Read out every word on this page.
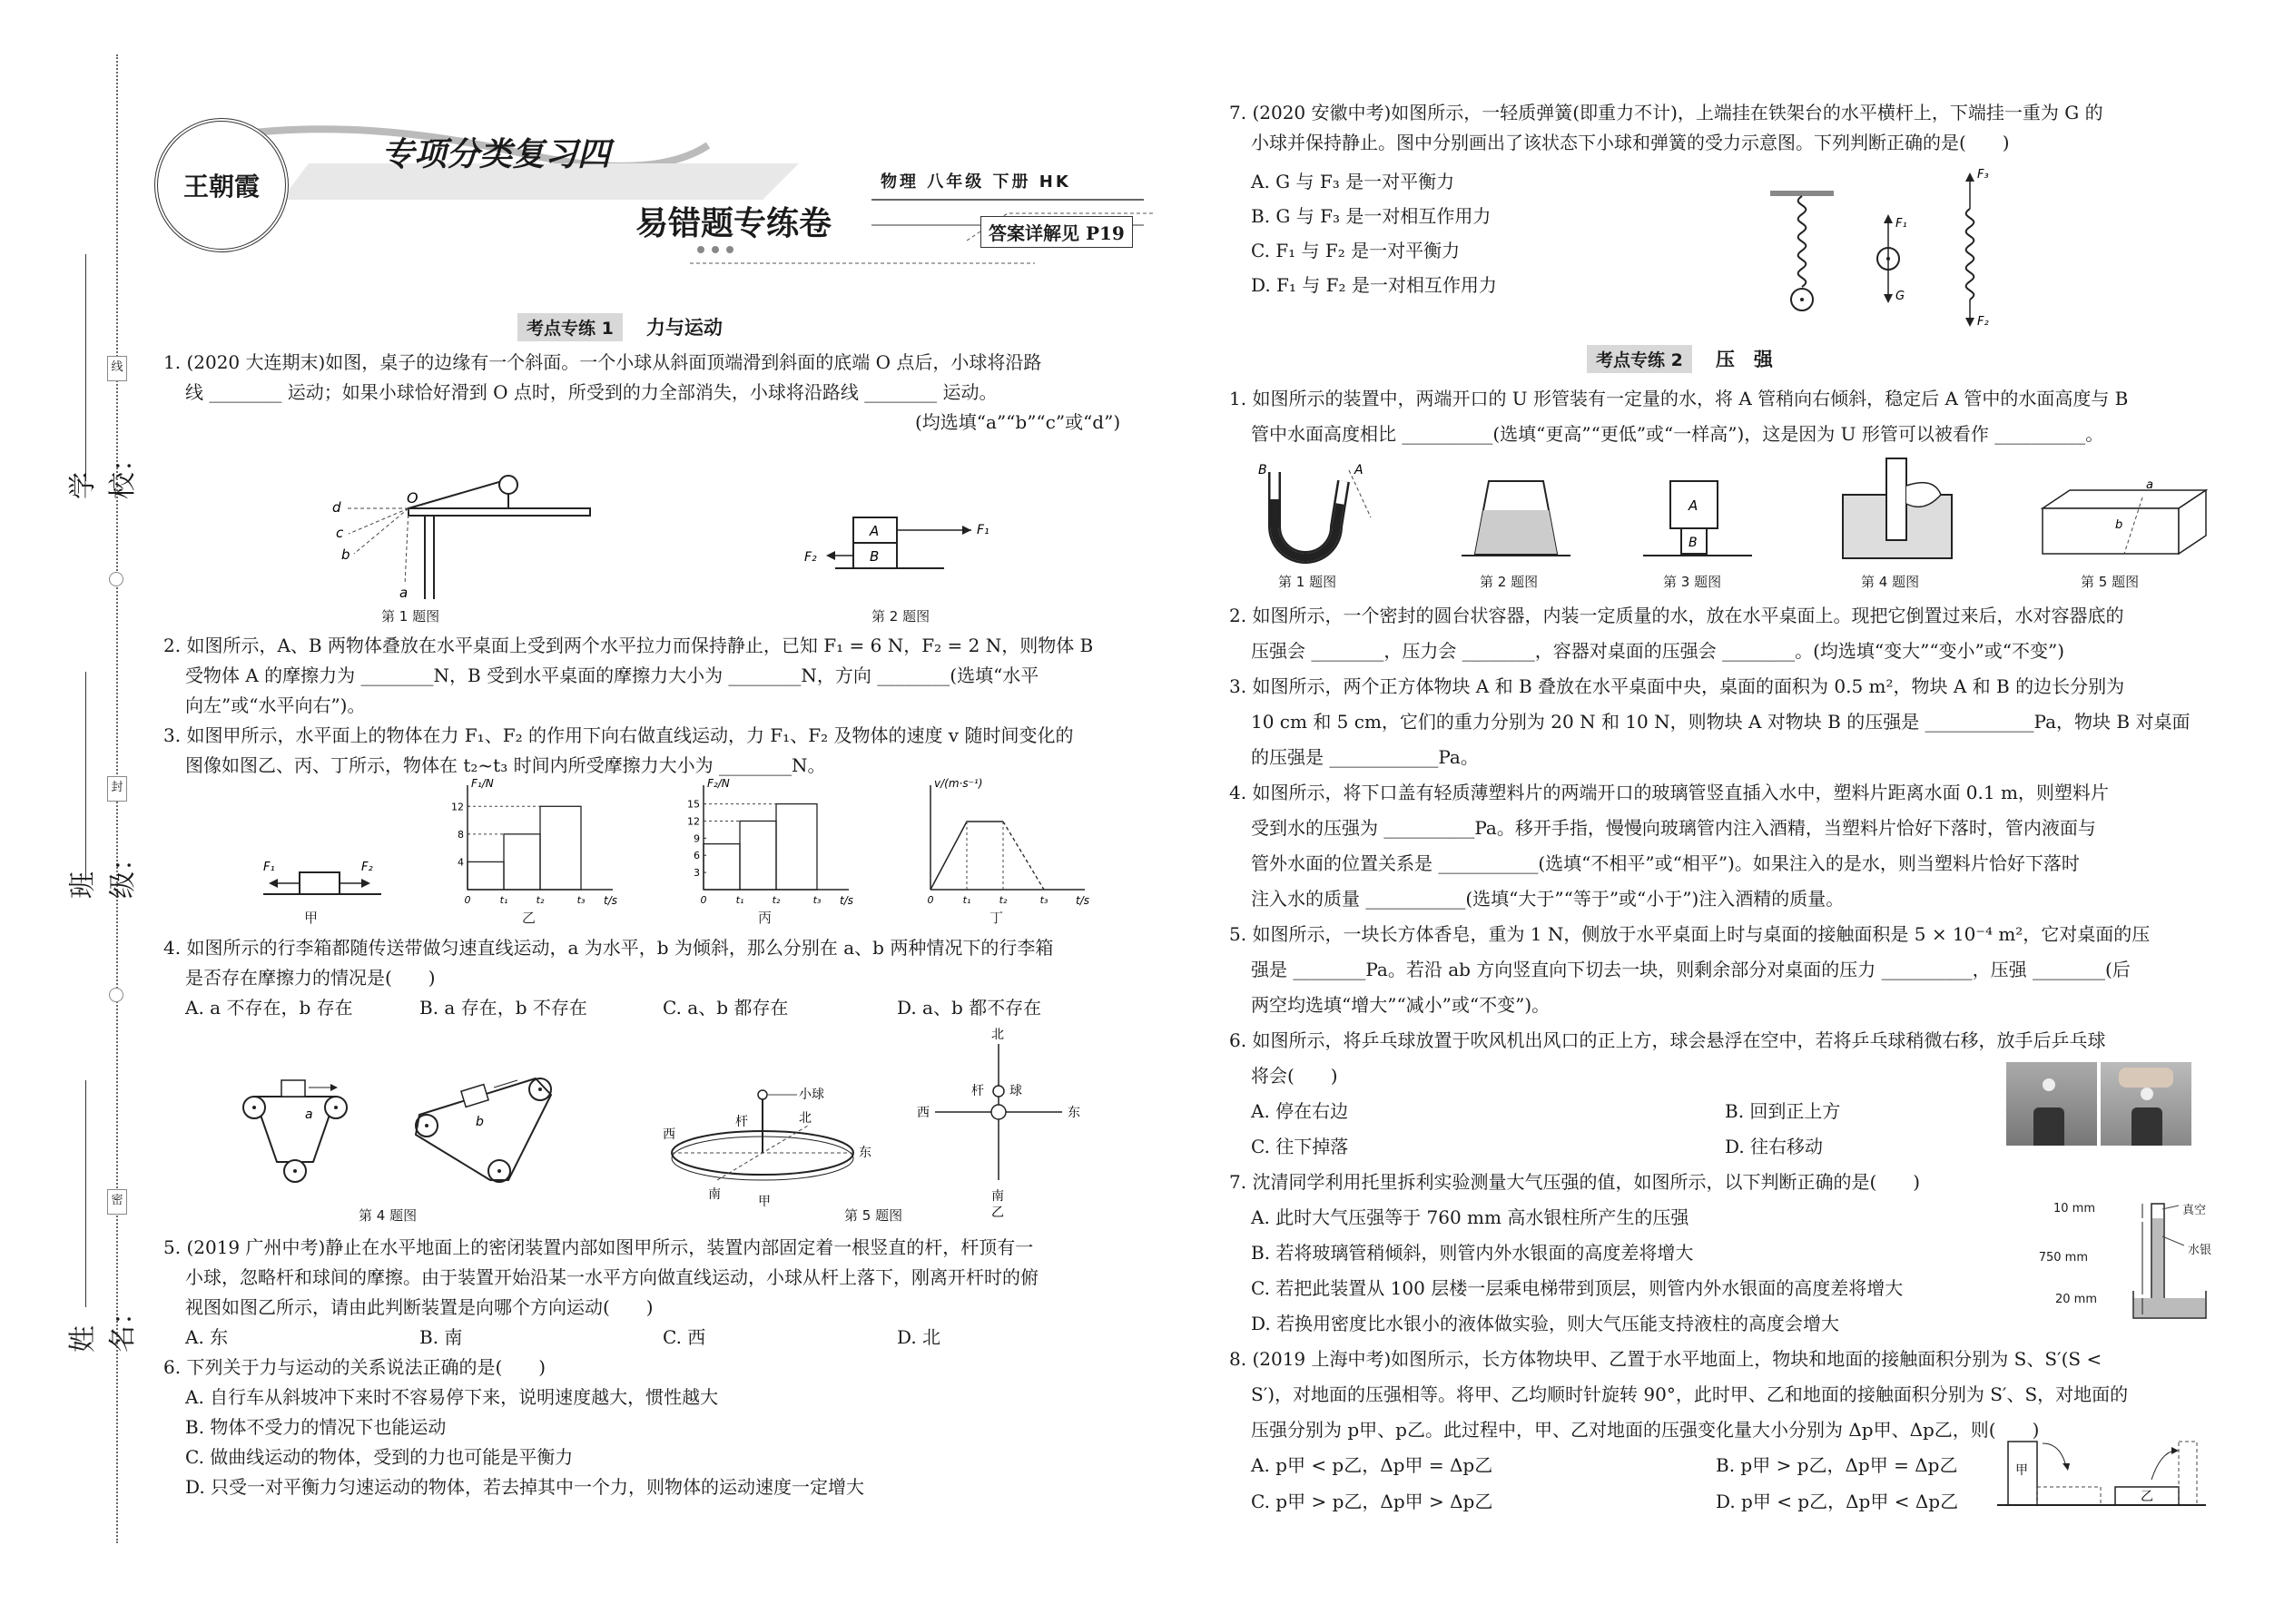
线
封
密
学校：
班级：
姓名：
王朝霞
专项分类复习四
物理 八年级 下册 HK
易错题专练卷	答案详解见 P19
考点专练 1	力与运动
1. (2020 大连期末)如图，桌子的边缘有一个斜面。一个小球从斜面顶端滑到斜面的底端 O 点后，小球将沿路
线 ________ 运动；如果小球恰好滑到 O 点时，所受到的力全部消失，小球将沿路线 ________ 运动。
(均选填“a”“b”“c”或“d”)
O
d
c
b
a
第 1 题图
A
B
F₁
F₂
第 2 题图
2. 如图所示，A、B 两物体叠放在水平桌面上受到两个水平拉力而保持静止，已知 F₁ = 6 N，F₂ = 2 N，则物体 B
受物体 A 的摩擦力为 ________N，B 受到水平桌面的摩擦力大小为 ________N，方向 ________(选填“水平
向左”或“水平向右”)。
3. 如图甲所示，水平面上的物体在力 F₁、F₂ 的作用下向右做直线运动，力 F₁、F₂ 及物体的速度 v 随时间变化的
图像如图乙、丙、丁所示，物体在 t₂~t₃ 时间内所受摩擦力大小为 ________N。
F₁	F₂
甲
F₁/N
t/s
4
8
12
0	t₁	t₂	t₃
乙
F₂/N
t/s
3
6
9
12
15
0	t₁	t₂	t₃
丙
v/(m·s⁻¹)
t/s
0	t₁	t₂	t₃
丁
4. 如图所示的行李箱都随传送带做匀速直线运动，a 为水平，b 为倾斜，那么分别在 a、b 两种情况下的行李箱
是否存在摩擦力的情况是(　　)
A. a 不存在，b 存在	B. a 存在，b 不存在	C. a、b 都存在	D. a、b 都不存在
a	b
第 4 题图
小球
杆	北
西
东
南
北
南
西	东
杆 球
甲
乙
第 5 题图
5. (2019 广州中考)静止在水平地面上的密闭装置内部如图甲所示，装置内部固定着一根竖直的杆，杆顶有一
小球，忽略杆和球间的摩擦。由于装置开始沿某一水平方向做直线运动，小球从杆上落下，刚离开杆时的俯
视图如图乙所示，请由此判断装置是向哪个方向运动(　　)
A. 东	B. 南	C. 西	D. 北
6. 下列关于力与运动的关系说法正确的是(　　)
A. 自行车从斜坡冲下来时不容易停下来，说明速度越大，惯性越大
B. 物体不受力的情况下也能运动
C. 做曲线运动的物体，受到的力也可能是平衡力
D. 只受一对平衡力匀速运动的物体，若去掉其中一个力，则物体的运动速度一定增大
7. (2020 安徽中考)如图所示，一轻质弹簧(即重力不计)，上端挂在铁架台的水平横杆上，下端挂一重为 G 的
小球并保持静止。图中分别画出了该状态下小球和弹簧的受力示意图。下列判断正确的是(　　)
A. G 与 F₃ 是一对平衡力
B. G 与 F₃ 是一对相互作用力
C. F₁ 与 F₂ 是一对平衡力
D. F₁ 与 F₂ 是一对相互作用力
F₁
G
F₃
F₂
考点专练 2	压　强
1. 如图所示的装置中，两端开口的 U 形管装有一定量的水，将 A 管稍向右倾斜，稳定后 A 管中的水面高度与 B
管中水面高度相比 __________(选填“更高”“更低”或“一样高”)，这是因为 U 形管可以被看作 __________。
B	A
第 1 题图	第 2 题图
A
B
第 3 题图	第 4 题图
a
b
第 5 题图
2. 如图所示，一个密封的圆台状容器，内装一定质量的水，放在水平桌面上。现把它倒置过来后，水对容器底的
压强会 ________，压力会 ________，容器对桌面的压强会 ________。(均选填“变大”“变小”或“不变”)
3. 如图所示，两个正方体物块 A 和 B 叠放在水平桌面中央，桌面的面积为 0.5 m²，物块 A 和 B 的边长分别为
10 cm 和 5 cm，它们的重力分别为 20 N 和 10 N，则物块 A 对物块 B 的压强是 ____________Pa，物块 B 对桌面
的压强是 ____________Pa。
4. 如图所示，将下口盖有轻质薄塑料片的两端开口的玻璃管竖直插入水中，塑料片距离水面 0.1 m，则塑料片
受到水的压强为 __________Pa。移开手指，慢慢向玻璃管内注入酒精，当塑料片恰好下落时，管内液面与
管外水面的位置关系是 ___________(选填“不相平”或“相平”)。如果注入的是水，则当塑料片恰好下落时
注入水的质量 ___________(选填“大于”“等于”或“小于”)注入酒精的质量。
5. 如图所示，一块长方体香皂，重为 1 N，侧放于水平桌面上时与桌面的接触面积是 5 × 10⁻⁴ m²，它对桌面的压
强是 ________Pa。若沿 ab 方向竖直向下切去一块，则剩余部分对桌面的压力 __________，压强 ________(后
两空均选填“增大”“减小”或“不变”)。
6. 如图所示，将乒乓球放置于吹风机出风口的正上方，球会悬浮在空中，若将乒乓球稍微右移，放手后乒乓球
将会(　　)
A. 停在右边	B. 回到正上方
C. 往下掉落	D. 往右移动
7. 沈清同学利用托里拆利实验测量大气压强的值，如图所示，以下判断正确的是(　　)
A. 此时大气压强等于 760 mm 高水银柱所产生的压强
B. 若将玻璃管稍倾斜，则管内外水银面的高度差将增大
C. 若把此装置从 100 层楼一层乘电梯带到顶层，则管内外水银面的高度差将增大
D. 若换用密度比水银小的液体做实验，则大气压能支持液柱的高度会增大
10 mm
750 mm
20 mm
真空
水银
8. (2019 上海中考)如图所示，长方体物块甲、乙置于水平地面上，物块和地面的接触面积分别为 S、S′(S <
S′)，对地面的压强相等。将甲、乙均顺时针旋转 90°，此时甲、乙和地面的接触面积分别为 S′、S，对地面的
压强分别为 p甲、p乙。此过程中，甲、乙对地面的压强变化量大小分别为 Δp甲、Δp乙，则(　　)
A. p甲 < p乙，Δp甲 = Δp乙	B. p甲 > p乙，Δp甲 = Δp乙
C. p甲 > p乙，Δp甲 > Δp乙	D. p甲 < p乙，Δp甲 < Δp乙
甲
乙
